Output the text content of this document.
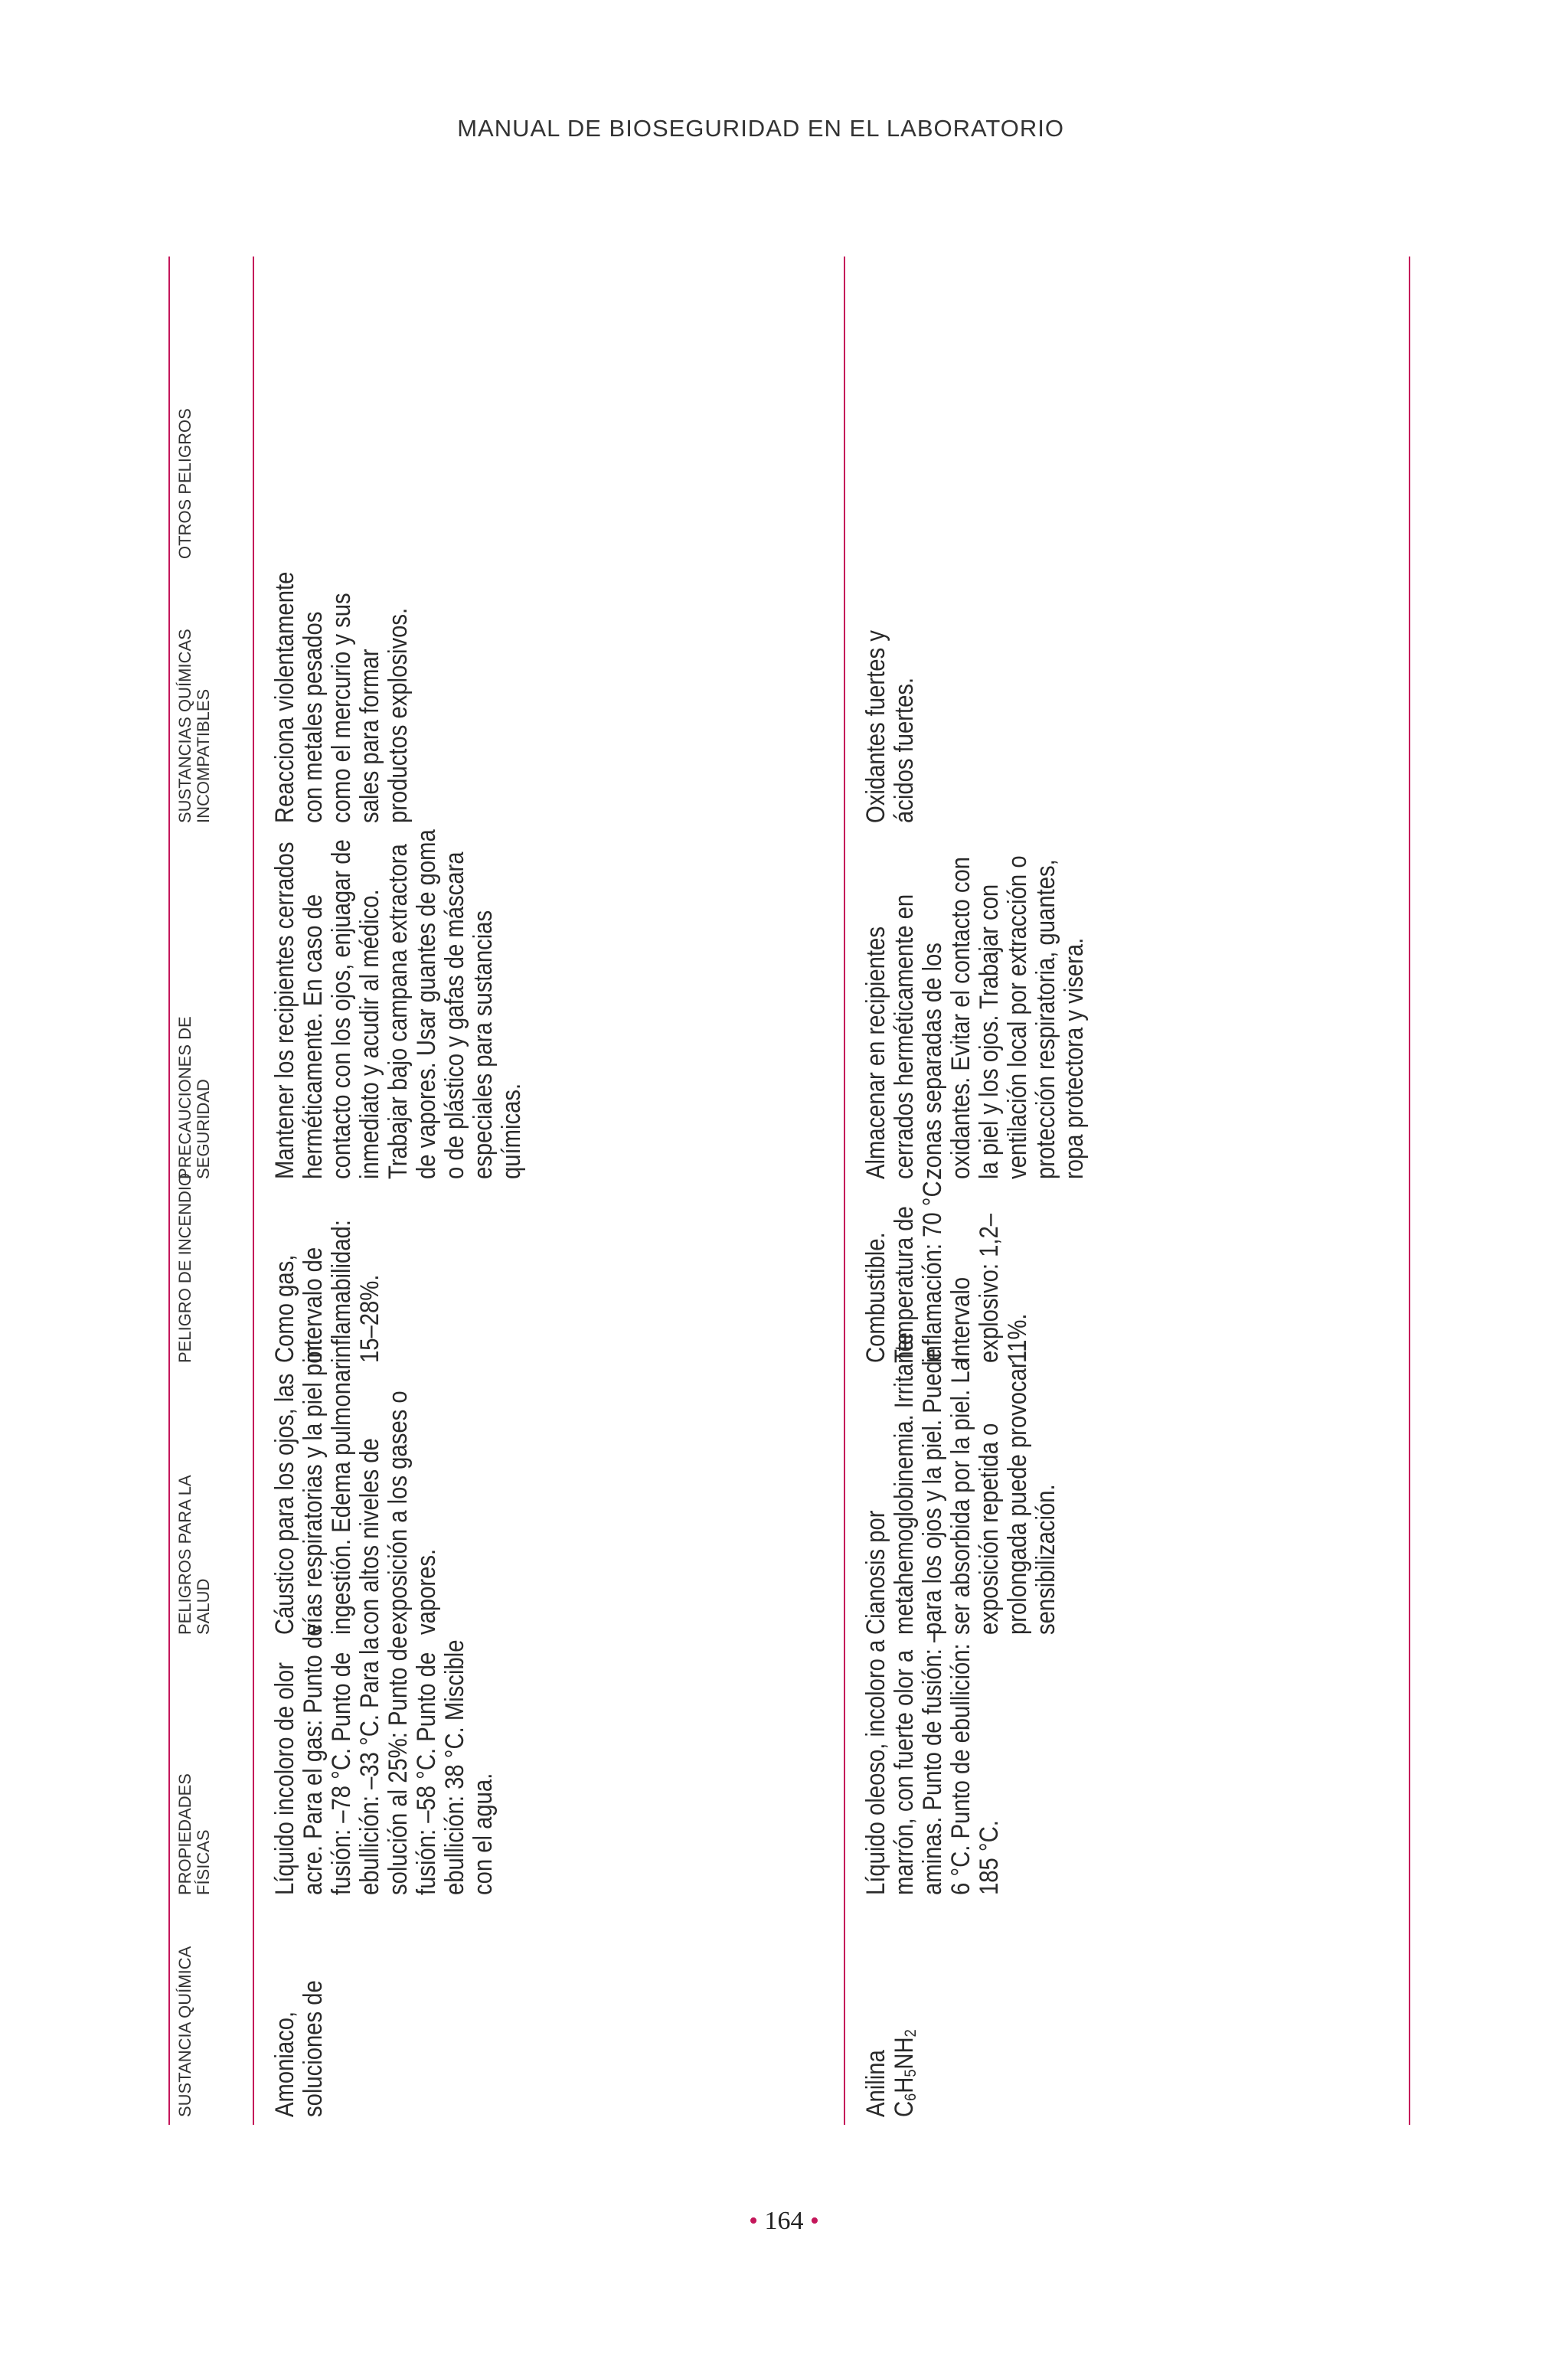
MANUAL DE BIOSEGURIDAD EN EL LABORATORIO
SUSTANCIA QUÍMICA
PROPIEDADES FÍSICAS
PELIGROS PARA LA SALUD
PELIGRO DE INCENDIO
PRECAUCIONES DE SEGURIDAD
SUSTANCIAS QUÍMICAS INCOMPATIBLES
OTROS PELIGROS
Amoniaco, soluciones de
Líquido incoloro de olor acre. Para el gas: Punto de fusión: –78 °C. Punto de ebullición: –33 °C. Para la solución al 25%: Punto de fusión: –58 °C. Punto de ebullición: 38 °C. Miscible con el agua.
Cáustico para los ojos, las vías respiratorias y la piel por ingestión. Edema pulmonar con altos niveles de exposición a los gases o vapores.
Como gas, intervalo de inflamabilidad: 15–28%.
Mantener los recipientes cerrados herméticamente. En caso de contacto con los ojos, enjuagar de inmediato y acudir al médico. Trabajar bajo campana extractora de vapores. Usar guantes de goma o de plástico y gafas de máscara especiales para sustancias químicas.
Reacciona violentamente con metales pesados como el mercurio y sus sales para formar productos explosivos.
Anilina $C_6H_5NH_2$
Líquido oleoso, incoloro a marrón, con fuerte olor a aminas. Punto de fusión: –6 °C. Punto de ebullición: 185 °C.
Cianosis por metahemoglobinemia. Irritante para los ojos y la piel. Puede ser absorbida por la piel. La exposición repetida o prolongada puede provocar sensibilización.
Combustible. Temperatura de inflamación: 70 °C. Intervalo explosivo: 1,2–11%.
Almacenar en recipientes cerrados herméticamente en zonas separadas de los oxidantes. Evitar el contacto con la piel y los ojos. Trabajar con ventilación local por extracción o protección respiratoria, guantes, ropa protectora y visera.
Oxidantes fuertes y ácidos fuertes.
• 164 •
